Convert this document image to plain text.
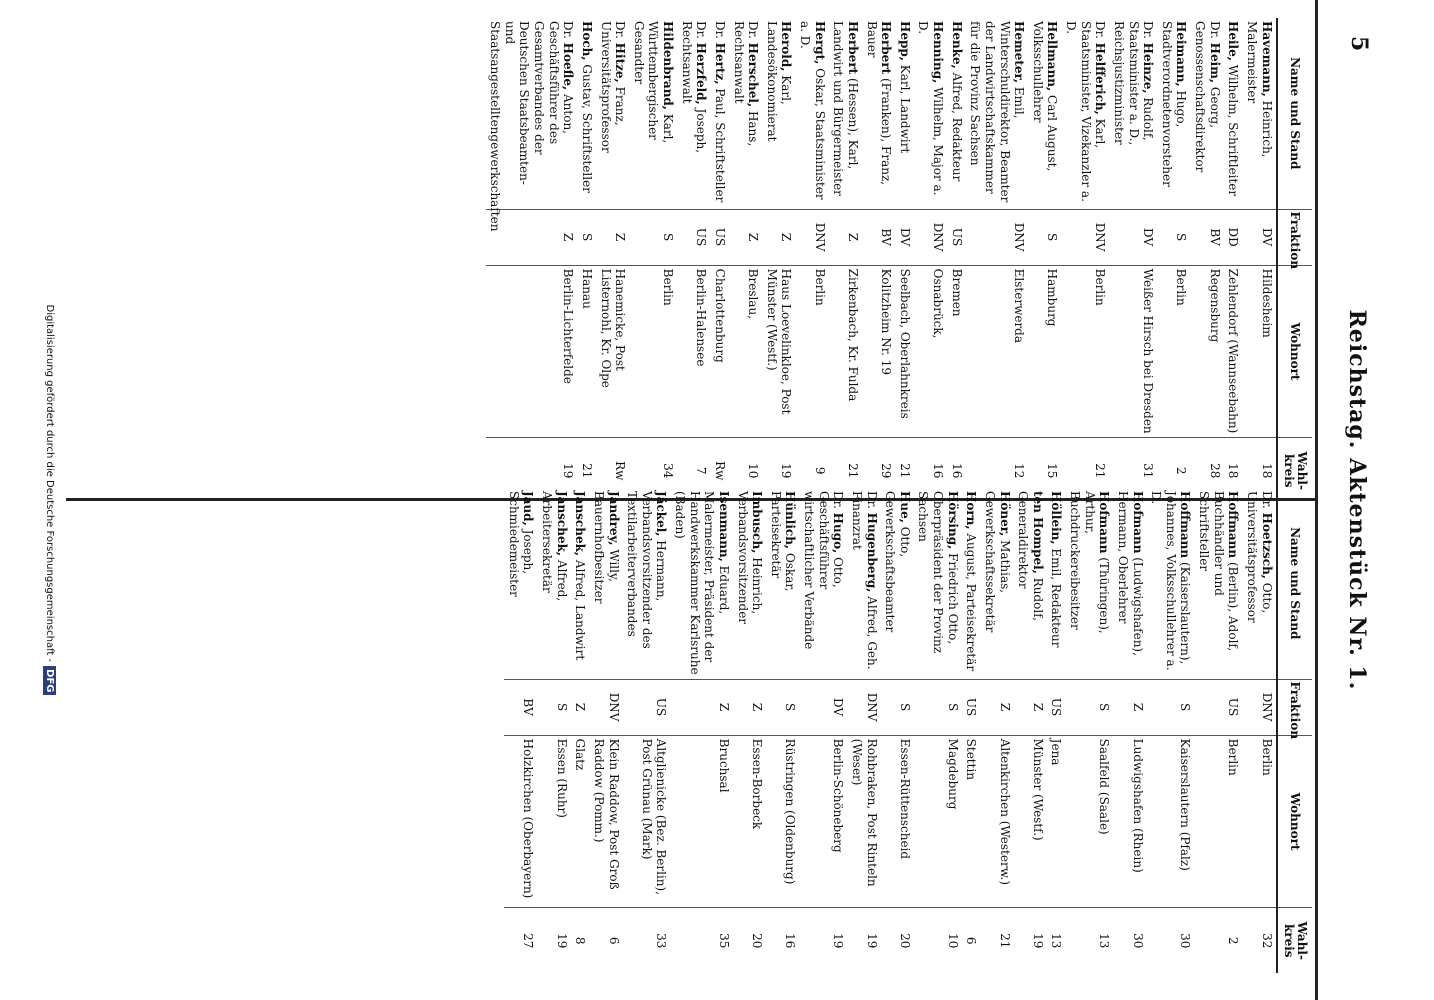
5
Reichstag. Aktenstück Nr. 1.
Name und Stand	Fraktion	Wohnort	Wahl-kreis
Havemann, Heinrich, Malermeister	DV	Hildesheim	18
Heile, Wilhelm, Schriftleiter	DD	Zehlendorf (Wannseebahn)	18
Dr. Heim, Georg, Genossenschaftsdirektor	BV	Regensburg	28
Heimann, Hugo, Stadtverordnetenvorsteher	S	Berlin	2
Dr. Heinze, Rudolf, Staatsminister a. D., Reichsjustizminister	DV	Weißer Hirsch bei Dresden	31
Dr. Helfferich, Karl, Staatsminister, Vizekanzler a. D.	DNV	Berlin	21
Hellmann, Carl August, Volksschullehrer	S	Hamburg	15
Hemeter, Emil, Winterschuldirektor, Beamter der Landwirtschaftskammer für die Provinz Sachsen	DNV	Elsterwerda	12
Henke, Alfred, Redakteur	US	Bremen	16
Henning, Wilhelm, Major a. D.	DNV	Osnabrück,	16
Hepp, Karl, Landwirt	DV	Seelbach, Oberlahnkreis	21
Herbert (Franken), Franz, Bauer	BV	Kolitzheim Nr. 19	29
Herbert (Hessen), Karl, Landwirt und Bürgermeister	Z	Zirkenbach, Kr. Fulda	21
Hergt, Oskar, Staatsminister a. D.	DNV	Berlin	9
Herold, Karl, Landesökonomierat	Z	Haus Loevelinkloe, Post Münster (Westf.)	19
Dr. Herschel, Hans, Rechtsanwalt	Z	Breslau,	10
Dr. Hertz, Paul, Schriftsteller	US	Charlottenburg	Rw
Dr. Herzfeld, Joseph, Rechtsanwalt	US	Berlin-Halensee	7
Hildenbrand, Karl, Württembergischer Gesandter	S	Berlin	34
Dr. Hitze, Franz, Universitätsprofessor	Z	Hanemicke, Post Listernohl, Kr. Olpe	Rw
Hoch, Gustav, Schriftsteller	S	Hanau	21
Dr. Hoefle, Anton, Geschäftsführer des Gesamtverbandes der Deutschen Staatsbeamten- und Staatsangestelltengewerkschaften	Z	Berlin-Lichterfelde	19
Name und Stand	Fraktion	Wohnort	Wahl-kreis
Dr. Hoetzsch, Otto, Universitätsprofessor	DNV	Berlin	32
Hoffmann (Berlin), Adolf, Buchhändler und Schriftsteller	US	Berlin	2
Hoffmann (Kaiserslautern), Johannes, Volksschullehrer a. D.	S	Kaiserslautern (Pfalz)	30
Hofmann (Ludwigshafen), Hermann, Oberlehrer	Z	Ludwigshafen (Rhein)	30
Hofmann (Thüringen), Arthur, Buchdruckereibesitzer	S	Saalfeld (Saale)	13
Höllein, Emil, Redakteur	US	Jena	13
ten Hompel, Rudolf, Generaldirektor	Z	Münster (Westf.)	19
Höner, Mathias, Gewerkschaftssekretär	Z	Altenkirchen (Westerw.)	21
Horn, August, Parteisekretär	US	Stettin	6
Hörsing, Friedrich Otto, Oberpräsident der Provinz Sachsen	S	Magdeburg	10
Hue, Otto, Gewerkschaftsbeamter	S	Essen-Rüttenscheid	20
Dr. Hugenberg, Alfred, Geh. Finanzrat	DNV	Rohbraken, Post Rinteln (Weser)	19
Dr. Hugo, Otto, Geschäftsführer wirtschaftlicher Verbände	DV	Berlin-Schöneberg	19
Hünlich, Oskar, Parteisekretär	S	Rüstringen (Oldenburg)	16
Imbusch, Heinrich, Verbandsvorsitzender	Z	Essen-Borbeck	20
Isenmann, Eduard, Malermeister, Präsident der Handwerkskammer Karlsruhe (Baden)	Z	Bruchsal	35
Jäckel, Hermann, Verbandsvorsitzender des Textilarbeiterverbandes	US	Altglienicke (Bez. Berlin), Post Grünau (Mark)	33
Jandrey, Willy, Bauernhofbesitzer	DNV	Klein Raddow, Post Groß Raddow (Pomm.)	6
Janschek, Alfred, Landwirt	Z	Glatz	8
Janschek, Alfred, Arbeitersekretär	S	Essen (Ruhr)	19
Jaud, Joseph, Schmiedemeister	BV	Holzkirchen (Oberbayern)	27
Digitalisierung gefördert durch die Deutsche Forschungsgemeinschaft -DFG
